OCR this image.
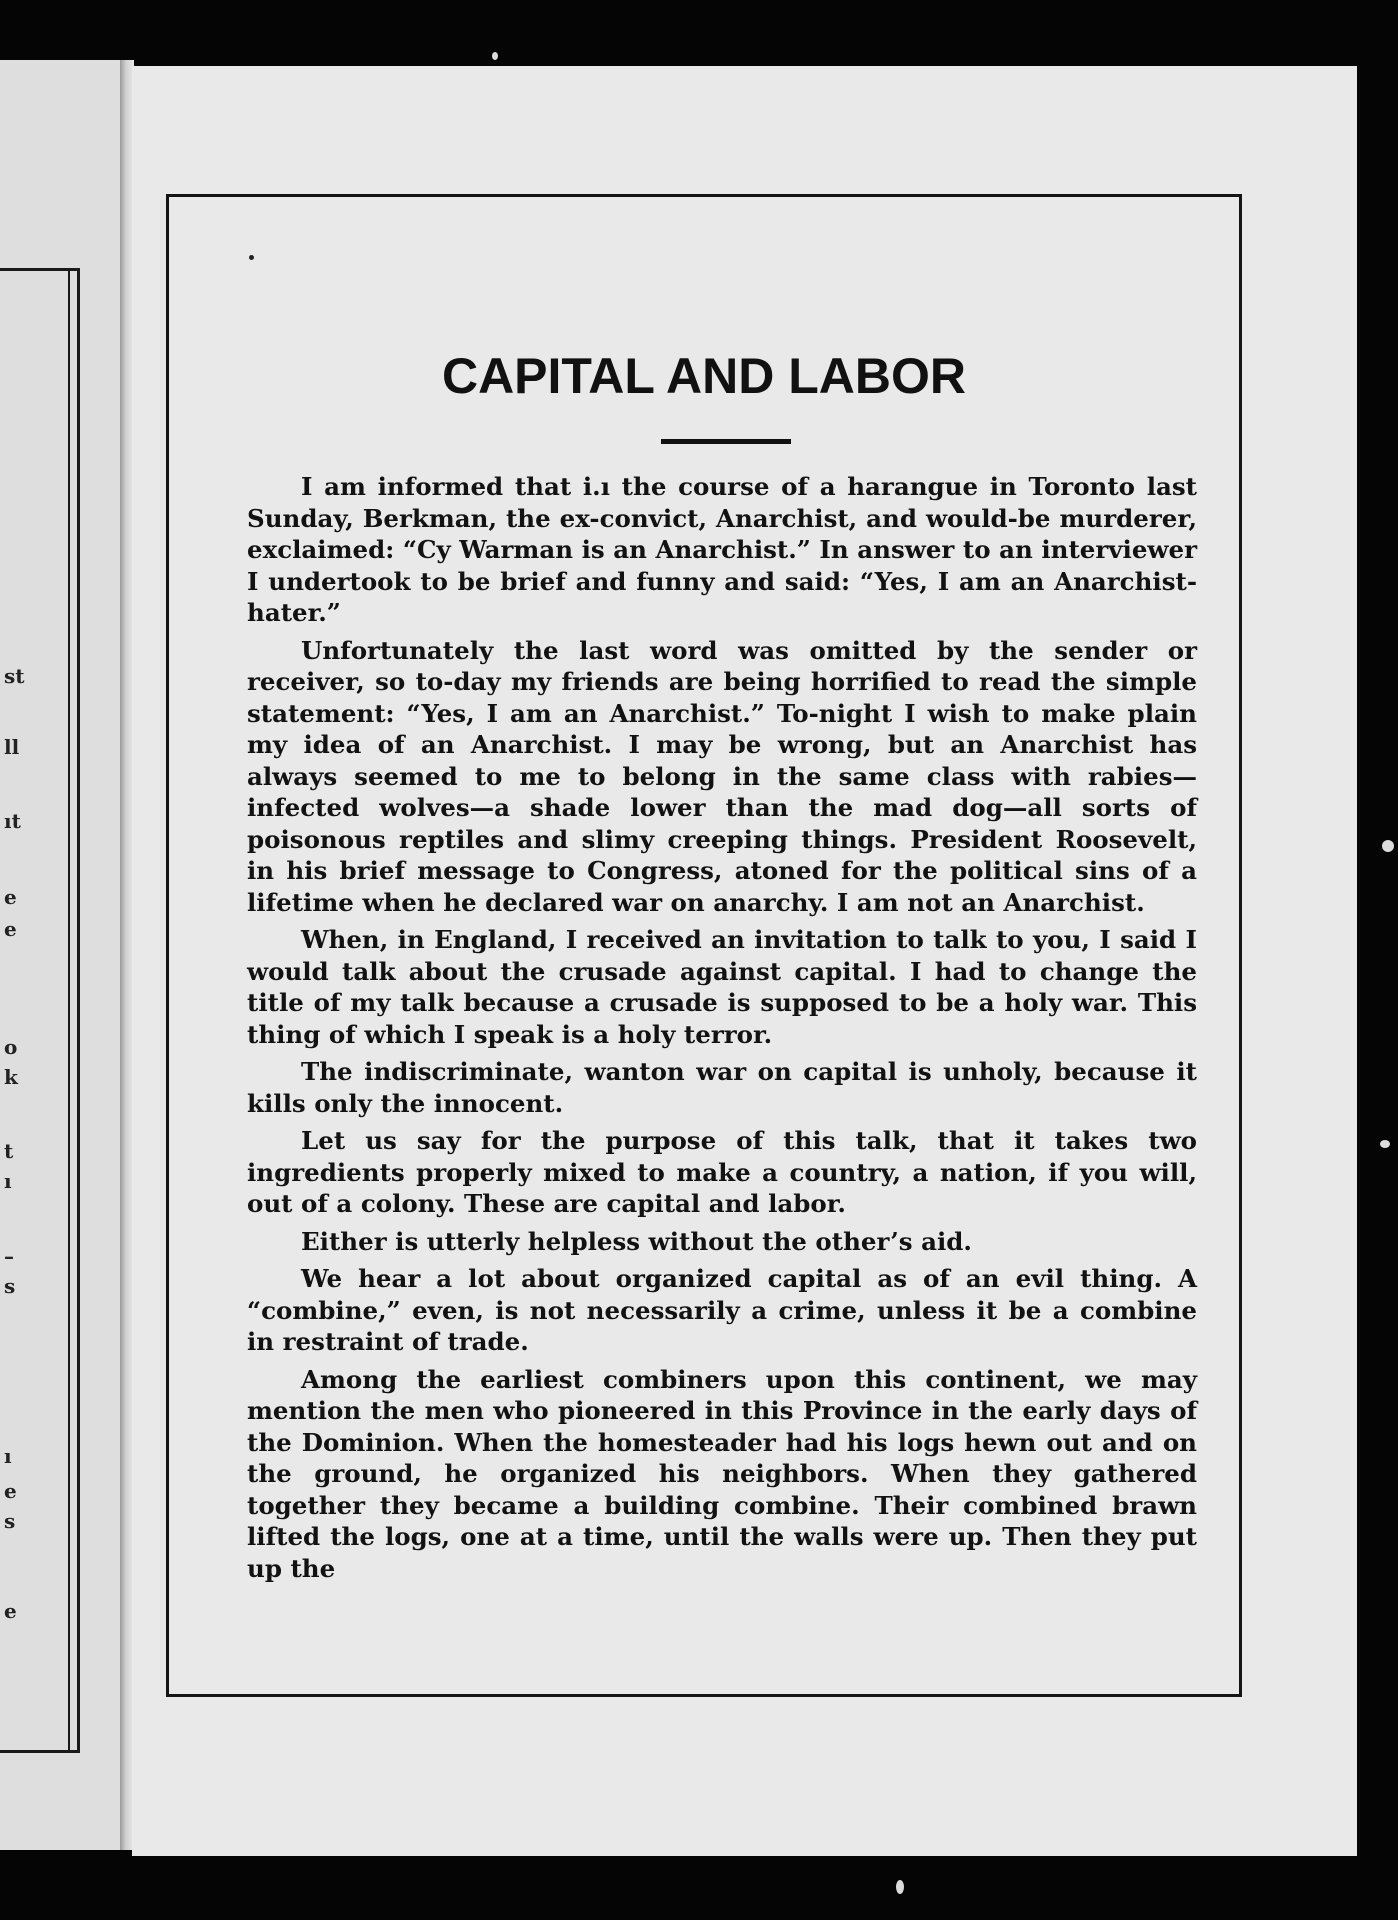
st
ll
ıt
e
e
o
k
t
ı
–
s
ı
e
s
e
CAPITAL AND LABOR

I am informed that i.ı the course of a harangue in Toronto last Sunday, Berkman, the ex-convict, Anarchist, and would-be murderer, exclaimed: “Cy Warman is an Anarchist.” In answer to an interviewer I undertook to be brief and funny and said: “Yes, I am an Anarchist-hater.”

Unfortunately the last word was omitted by the sender or receiver, so to-day my friends are being horrified to read the simple statement: “Yes, I am an Anarchist.” To-night I wish to make plain my idea of an Anarchist. I may be wrong, but an Anarchist has always seemed to me to belong in the same class with rabies—infected wolves—a shade lower than the mad dog—all sorts of poisonous reptiles and slimy creeping things. President Roosevelt, in his brief message to Congress, atoned for the political sins of a lifetime when he declared war on anarchy. I am not an Anarchist.

When, in England, I received an invitation to talk to you, I said I would talk about the crusade against capital. I had to change the title of my talk because a crusade is supposed to be a holy war. This thing of which I speak is a holy terror.

The indiscriminate, wanton war on capital is unholy, because it kills only the innocent.

Let us say for the purpose of this talk, that it takes two ingredients properly mixed to make a country, a nation, if you will, out of a colony. These are capital and labor.

Either is utterly helpless without the other’s aid.

We hear a lot about organized capital as of an evil thing. A “combine,” even, is not necessarily a crime, unless it be a combine in restraint of trade.

Among the earliest combiners upon this continent, we may mention the men who pioneered in this Province in the early days of the Dominion. When the homesteader had his logs hewn out and on the ground, he organized his neighbors. When they gathered together they became a building combine. Their combined brawn lifted the logs, one at a time, until the walls were up. Then they put up the
